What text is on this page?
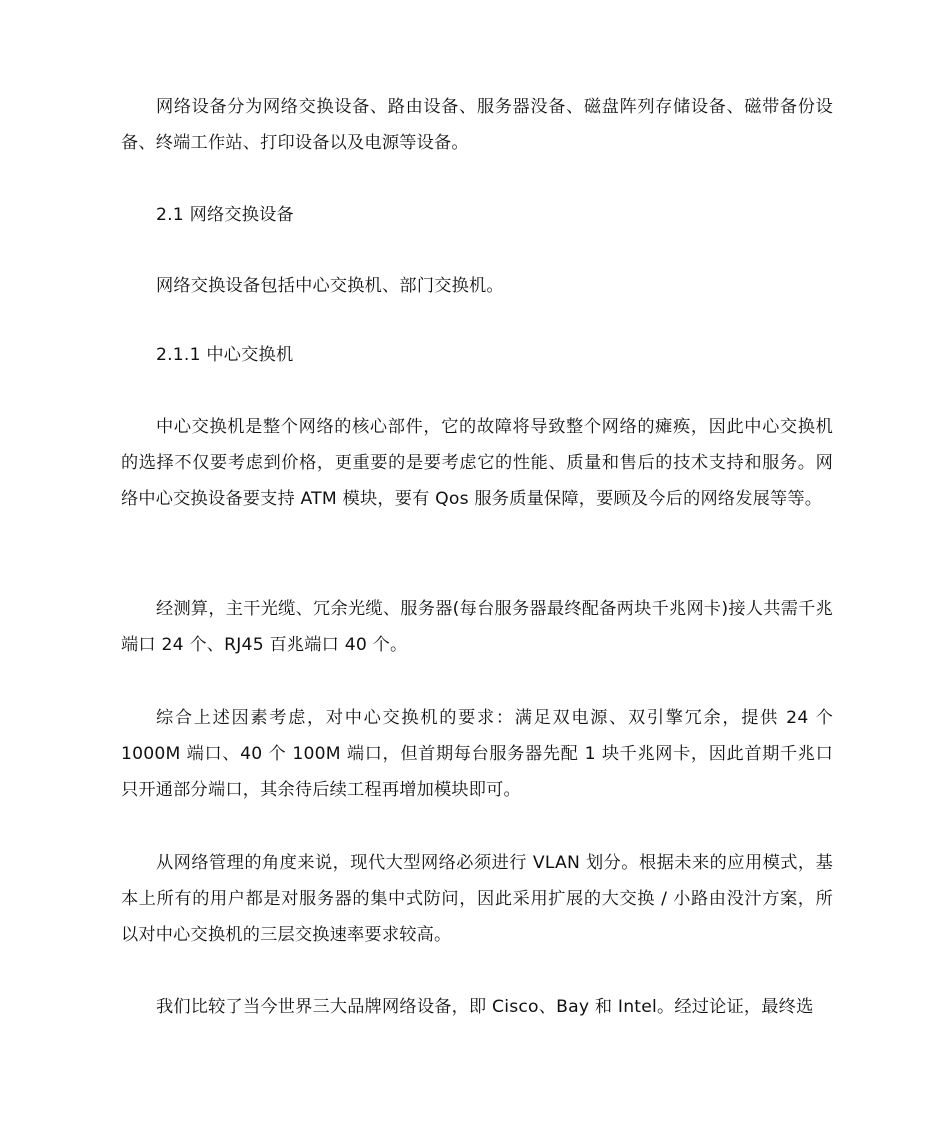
网络设备分为网络交换设备、路由设备、服务器没备、磁盘阵列存储设备、磁带备份设备、终端工作站、打印设备以及电源等设备。

2.1 网络交换设备

网络交换设备包括中心交换机、部门交换机。

2.1.1 中心交换机

中心交换机是整个网络的核心部件，它的故障将导致整个网络的瘫痪，因此中心交换机的选择不仅要考虑到价格，更重要的是要考虑它的性能、质量和售后的技术支持和服务。网络中心交换设备要支持 ATM 模块，要有 Qos 服务质量保障，要顾及今后的网络发展等等。

经测算，主干光缆、冗余光缆、服务器(每台服务器最终配备两块千兆网卡)接人共需千兆端口 24 个、RJ45 百兆端口 40 个。

综合上述因素考虑，对中心交换机的要求：满足双电源、双引擎冗余，提供 24 个 1000M 端口、40 个 100M 端口，但首期每台服务器先配 1 块千兆网卡，因此首期千兆口只开通部分端口，其余待后续工程再增加模块即可。

从网络管理的角度来说，现代大型网络必须进行 VLAN 划分。根据未来的应用模式，基本上所有的用户都是对服务器的集中式防问，因此采用扩展的大交换 / 小路由没汁方案，所以对中心交换机的三层交换速率要求较高。

我们比较了当今世界三大品牌网络设备，即 Cisco、Bay 和 Intel。经过论证，最终选
